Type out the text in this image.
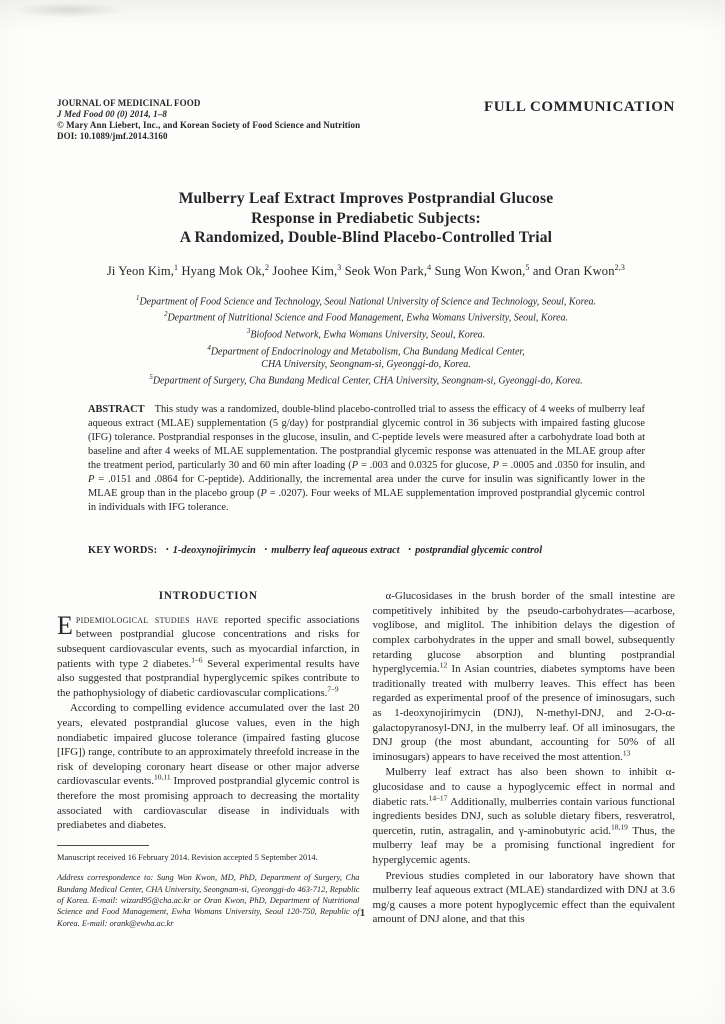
JOURNAL OF MEDICINAL FOOD
J Med Food 00 (0) 2014, 1–8
© Mary Ann Liebert, Inc., and Korean Society of Food Science and Nutrition
DOI: 10.1089/jmf.2014.3160
FULL COMMUNICATION
Mulberry Leaf Extract Improves Postprandial Glucose
Response in Prediabetic Subjects:
A Randomized, Double-Blind Placebo-Controlled Trial
Ji Yeon Kim,$^1$ Hyang Mok Ok,$^2$ Joohee Kim,$^3$ Seok Won Park,$^4$ Sung Won Kwon,$^5$ and Oran Kwon$^{2,3}$
$^1$Department of Food Science and Technology, Seoul National University of Science and Technology, Seoul, Korea.
$^2$Department of Nutritional Science and Food Management, Ewha Womans University, Seoul, Korea.
$^3$Biofood Network, Ewha Womans University, Seoul, Korea.
$^4$Department of Endocrinology and Metabolism, Cha Bundang Medical Center,
CHA University, Seongnam-si, Gyeonggi-do, Korea.
$^5$Department of Surgery, Cha Bundang Medical Center, CHA University, Seongnam-si, Gyeonggi-do, Korea.
ABSTRACT This study was a randomized, double-blind placebo-controlled trial to assess the efficacy of 4 weeks of mulberry leaf aqueous extract (MLAE) supplementation (5 g/day) for postprandial glycemic control in 36 subjects with impaired fasting glucose (IFG) tolerance. Postprandial responses in the glucose, insulin, and C-peptide levels were measured after a carbohydrate load both at baseline and after 4 weeks of MLAE supplementation. The postprandial glycemic response was attenuated in the MLAE group after the treatment period, particularly 30 and 60 min after loading (P = .003 and 0.0325 for glucose, P = .0005 and .0350 for insulin, and P = .0151 and .0864 for C-peptide). Additionally, the incremental area under the curve for insulin was significantly lower in the MLAE group than in the placebo group (P = .0207). Four weeks of MLAE supplementation improved postprandial glycemic control in individuals with IFG tolerance.
KEY WORDS: • 1-deoxynojirimycin • mulberry leaf aqueous extract • postprandial glycemic control
INTRODUCTION

Epidemiological studies have reported specific associations between postprandial glucose concentrations and risks for subsequent cardiovascular events, such as myocardial infarction, in patients with type 2 diabetes.$^{1-6}$ Several experimental results have also suggested that postprandial hyperglycemic spikes contribute to the pathophysiology of diabetic cardiovascular complications.$^{7-9}$

According to compelling evidence accumulated over the last 20 years, elevated postprandial glucose values, even in the high nondiabetic impaired glucose tolerance (impaired fasting glucose [IFG]) range, contribute to an approximately threefold increase in the risk of developing coronary heart disease or other major adverse cardiovascular events.$^{10,11}$ Improved postprandial glycemic control is therefore the most promising approach to decreasing the mortality associated with cardiovascular disease in individuals with prediabetes and diabetes.

Manuscript received 16 February 2014. Revision accepted 5 September 2014.

Address correspondence to: Sung Won Kwon, MD, PhD, Department of Surgery, Cha Bundang Medical Center, CHA University, Seongnam-si, Gyeonggi-do 463-712, Republic of Korea. E-mail: wizard95@cha.ac.kr or Oran Kwon, PhD, Department of Nutritional Science and Food Management, Ewha Womans University, Seoul 120-750, Republic of Korea. E-mail: orank@ewha.ac.kr

α-Glucosidases in the brush border of the small intestine are competitively inhibited by the pseudo-carbohydrates—acarbose, voglibose, and miglitol. The inhibition delays the digestion of complex carbohydrates in the upper and small bowel, subsequently retarding glucose absorption and blunting postprandial hyperglycemia.$^{12}$ In Asian countries, diabetes symptoms have been traditionally treated with mulberry leaves. This effect has been regarded as experimental proof of the presence of iminosugars, such as 1-deoxynojirimycin (DNJ), N-methyl-DNJ, and 2-O-α-galactopyranosyl-DNJ, in the mulberry leaf. Of all iminosugars, the DNJ group (the most abundant, accounting for 50% of all iminosugars) appears to have received the most attention.$^{13}$

Mulberry leaf extract has also been shown to inhibit α-glucosidase and to cause a hypoglycemic effect in normal and diabetic rats.$^{14-17}$ Additionally, mulberries contain various functional ingredients besides DNJ, such as soluble dietary fibers, resveratrol, quercetin, rutin, astragalin, and γ-aminobutyric acid.$^{18,19}$ Thus, the mulberry leaf may be a promising functional ingredient for hyperglycemic agents.

Previous studies completed in our laboratory have shown that mulberry leaf aqueous extract (MLAE) standardized with DNJ at 3.6 mg/g causes a more potent hypoglycemic effect than the equivalent amount of DNJ alone, and that this

1
